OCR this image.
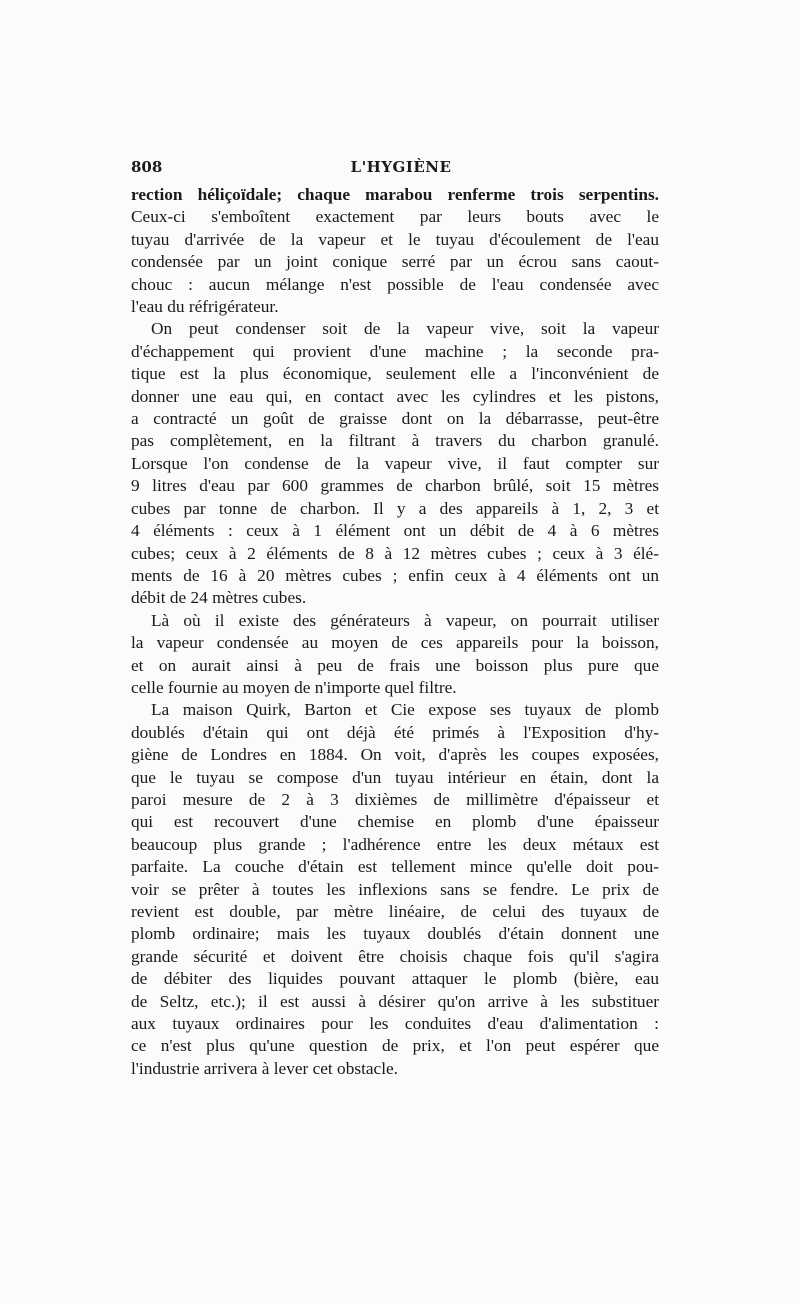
808	L'HYGIÈNE

rection héliçoïdale; chaque marabou renferme trois serpentins.
Ceux-ci s'emboîtent exactement par leurs bouts avec le
tuyau d'arrivée de la vapeur et le tuyau d'écoulement de l'eau
condensée par un joint conique serré par un écrou sans caout-
chouc : aucun mélange n'est possible de l'eau condensée avec
l'eau du réfrigérateur.

On peut condenser soit de la vapeur vive, soit la vapeur
d'échappement qui provient d'une machine ; la seconde pra-
tique est la plus économique, seulement elle a l'inconvénient de
donner une eau qui, en contact avec les cylindres et les pistons,
a contracté un goût de graisse dont on la débarrasse, peut-être
pas complètement, en la filtrant à travers du charbon granulé.
Lorsque l'on condense de la vapeur vive, il faut compter sur
9 litres d'eau par 600 grammes de charbon brûlé, soit 15 mètres
cubes par tonne de charbon. Il y a des appareils à 1, 2, 3 et
4 éléments : ceux à 1 élément ont un débit de 4 à 6 mètres
cubes; ceux à 2 éléments de 8 à 12 mètres cubes ; ceux à 3 élé-
ments de 16 à 20 mètres cubes ; enfin ceux à 4 éléments ont un
débit de 24 mètres cubes.

Là où il existe des générateurs à vapeur, on pourrait utiliser
la vapeur condensée au moyen de ces appareils pour la boisson,
et on aurait ainsi à peu de frais une boisson plus pure que
celle fournie au moyen de n'importe quel filtre.

La maison Quirk, Barton et Cie expose ses tuyaux de plomb
doublés d'étain qui ont déjà été primés à l'Exposition d'hy-
giène de Londres en 1884. On voit, d'après les coupes exposées,
que le tuyau se compose d'un tuyau intérieur en étain, dont la
paroi mesure de 2 à 3 dixièmes de millimètre d'épaisseur et
qui est recouvert d'une chemise en plomb d'une épaisseur
beaucoup plus grande ; l'adhérence entre les deux métaux est
parfaite. La couche d'étain est tellement mince qu'elle doit pou-
voir se prêter à toutes les inflexions sans se fendre. Le prix de
revient est double, par mètre linéaire, de celui des tuyaux de
plomb ordinaire; mais les tuyaux doublés d'étain donnent une
grande sécurité et doivent être choisis chaque fois qu'il s'agira
de débiter des liquides pouvant attaquer le plomb (bière, eau
de Seltz, etc.); il est aussi à désirer qu'on arrive à les substituer
aux tuyaux ordinaires pour les conduites d'eau d'alimentation :
ce n'est plus qu'une question de prix, et l'on peut espérer que
l'industrie arrivera à lever cet obstacle.
